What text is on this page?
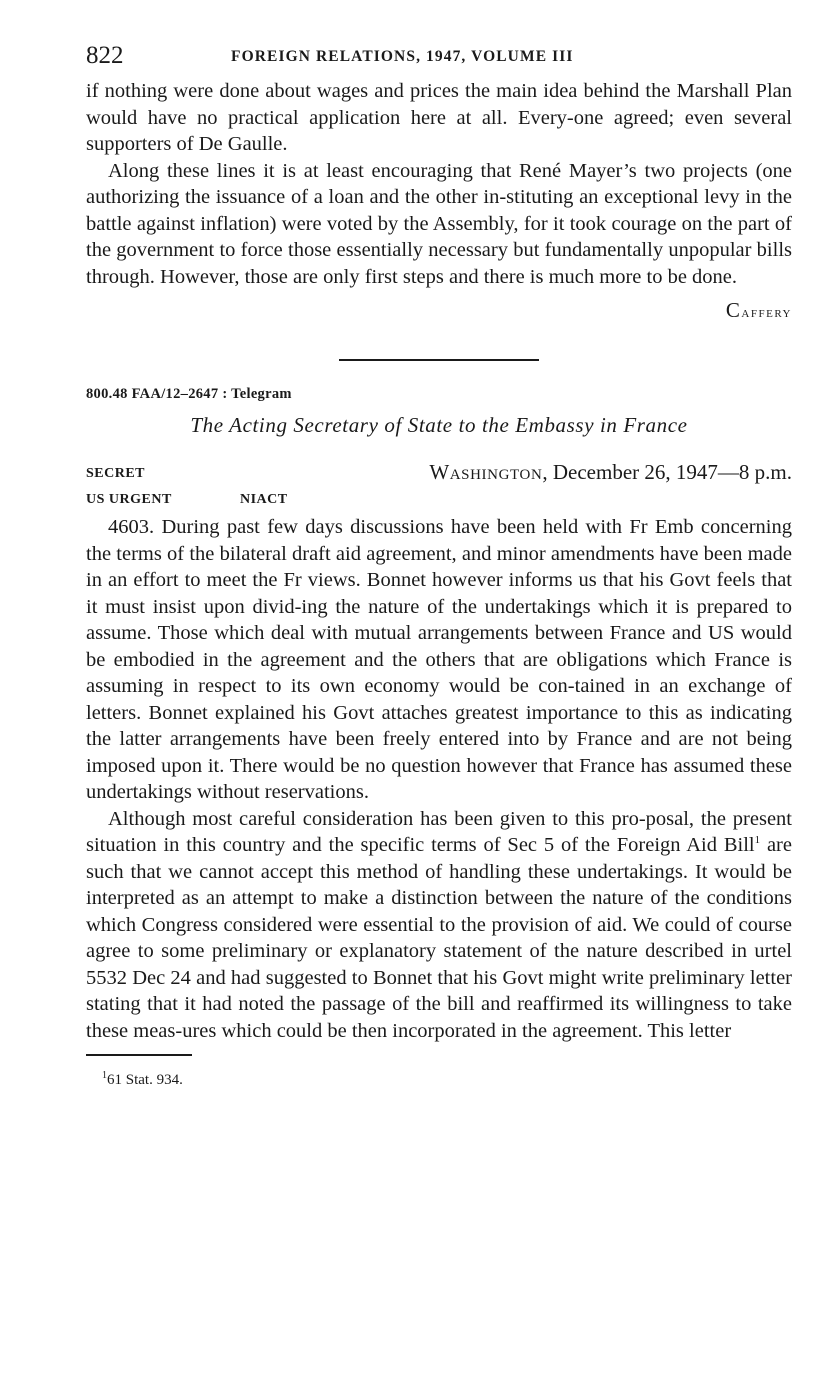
822	FOREIGN RELATIONS, 1947, VOLUME III

if nothing were done about wages and prices the main idea behind the Marshall Plan would have no practical application here at all. Every-one agreed; even several supporters of De Gaulle.

Along these lines it is at least encouraging that René Mayer’s two projects (one authorizing the issuance of a loan and the other in-stituting an exceptional levy in the battle against inflation) were voted by the Assembly, for it took courage on the part of the government to force those essentially necessary but fundamentally unpopular bills through. However, those are only first steps and there is much more to be done.

Caffery
800.48 FAA/12–2647 : Telegram
The Acting Secretary of State to the Embassy in France
SECRET
US URGENT	NIACT
Washington, December 26, 1947—8 p.m.

4603. During past few days discussions have been held with Fr Emb concerning the terms of the bilateral draft aid agreement, and minor amendments have been made in an effort to meet the Fr views. Bonnet however informs us that his Govt feels that it must insist upon divid-ing the nature of the undertakings which it is prepared to assume. Those which deal with mutual arrangements between France and US would be embodied in the agreement and the others that are obligations which France is assuming in respect to its own economy would be con-tained in an exchange of letters. Bonnet explained his Govt attaches greatest importance to this as indicating the latter arrangements have been freely entered into by France and are not being imposed upon it. There would be no question however that France has assumed these undertakings without reservations.

Although most careful consideration has been given to this pro-posal, the present situation in this country and the specific terms of Sec 5 of the Foreign Aid Bill$^1$ are such that we cannot accept this method of handling these undertakings. It would be interpreted as an attempt to make a distinction between the nature of the conditions which Congress considered were essential to the provision of aid. We could of course agree to some preliminary or explanatory statement of the nature described in urtel 5532 Dec 24 and had suggested to Bonnet that his Govt might write preliminary letter stating that it had noted the passage of the bill and reaffirmed its willingness to take these meas-ures which could be then incorporated in the agreement. This letter

$^1$61 Stat. 934.
